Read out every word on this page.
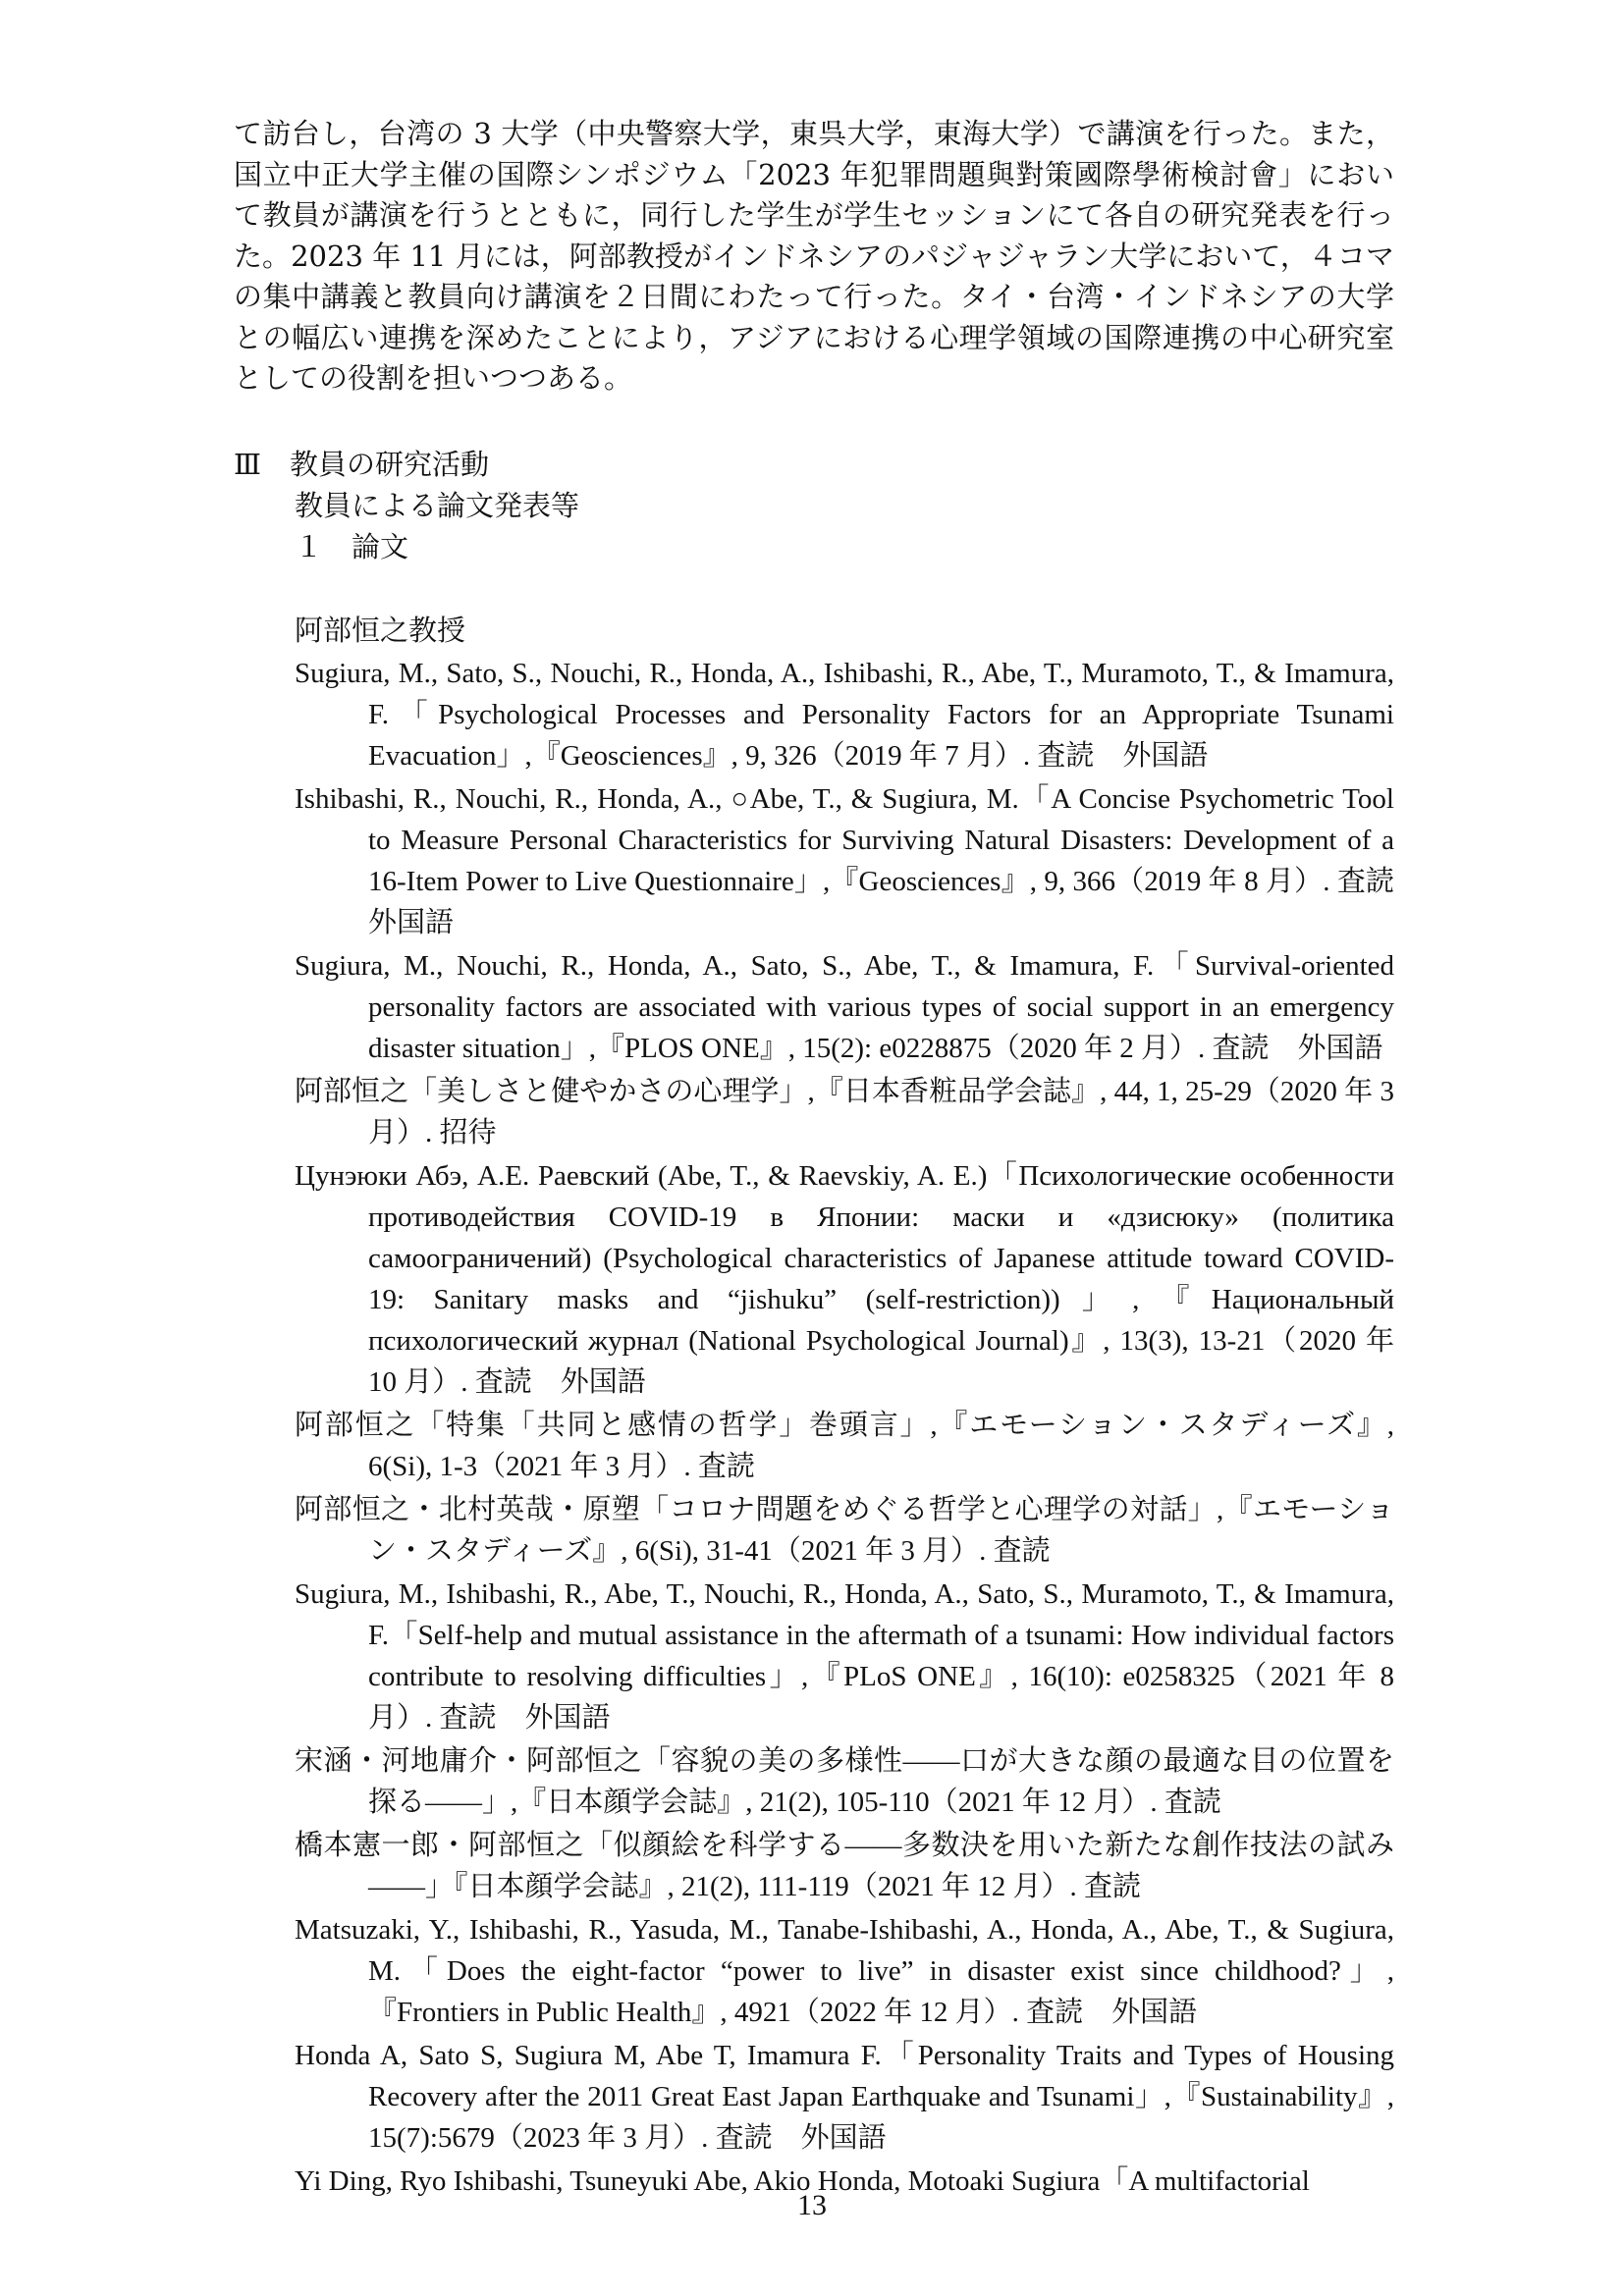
て訪台し，台湾の 3 大学（中央警察大学，東呉大学，東海大学）で講演を行った。また，国立中正大学主催の国際シンポジウム「2023 年犯罪問題與對策國際學術検討會」において教員が講演を行うとともに，同行した学生が学生セッションにて各自の研究発表を行った。2023 年 11 月には，阿部教授がインドネシアのパジャジャラン大学において，４コマの集中講義と教員向け講演を２日間にわたって行った。タイ・台湾・インドネシアの大学との幅広い連携を深めたことにより，アジアにおける心理学領域の国際連携の中心研究室としての役割を担いつつある。

Ⅲ　教員の研究活動
教員による論文発表等
１　論文
阿部恒之教授

Sugiura, M., Sato, S., Nouchi, R., Honda, A., Ishibashi, R., Abe, T., Muramoto, T., & Imamura, F.「Psychological Processes and Personality Factors for an Appropriate Tsunami Evacuation」,『Geosciences』, 9, 326（2019 年 7 月）. 査読　外国語

Ishibashi, R., Nouchi, R., Honda, A., ○Abe, T., & Sugiura, M.「A Concise Psychometric Tool to Measure Personal Characteristics for Surviving Natural Disasters: Development of a 16-Item Power to Live Questionnaire」,『Geosciences』, 9, 366（2019 年 8 月）. 査読　外国語

Sugiura, M., Nouchi, R., Honda, A., Sato, S., Abe, T., & Imamura, F.「Survival-oriented personality factors are associated with various types of social support in an emergency disaster situation」,『PLOS ONE』, 15(2): e0228875（2020 年 2 月）. 査読　外国語

阿部恒之「美しさと健やかさの心理学」,『日本香粧品学会誌』, 44, 1, 25-29（2020 年 3 月）. 招待

Цунэюки Абэ, А.Е. Раевский (Abe, T., & Raevskiy, A. E.)「Психологические особенности противодействия COVID-19 в Японии: маски и «дзисюку» (политика самоограничений) (Psychological characteristics of Japanese attitude toward COVID-19: Sanitary masks and “jishuku” (self-restriction))」,『Национальный психологический журнал (National Psychological Journal)』, 13(3), 13-21（2020 年 10 月）. 査読　外国語

阿部恒之「特集「共同と感情の哲学」巻頭言」,『エモーション・スタディーズ』, 6(Si), 1-3（2021 年 3 月）. 査読

阿部恒之・北村英哉・原塑「コロナ問題をめぐる哲学と心理学の対話」,『エモーション・スタディーズ』, 6(Si), 31-41（2021 年 3 月）. 査読

Sugiura, M., Ishibashi, R., Abe, T., Nouchi, R., Honda, A., Sato, S., Muramoto, T., & Imamura, F.「Self-help and mutual assistance in the aftermath of a tsunami: How individual factors contribute to resolving difficulties」,『PLoS ONE』, 16(10): e0258325（2021 年 8 月）. 査読　外国語

宋涵・河地庸介・阿部恒之「容貌の美の多様性――口が大きな顔の最適な目の位置を探る――」,『日本顔学会誌』, 21(2), 105-110（2021 年 12 月）. 査読

橋本憲一郎・阿部恒之「似顔絵を科学する――多数決を用いた新たな創作技法の試み――」『日本顔学会誌』, 21(2), 111-119（2021 年 12 月）. 査読

Matsuzaki, Y., Ishibashi, R., Yasuda, M., Tanabe-Ishibashi, A., Honda, A., Abe, T., & Sugiura, M.「Does the eight-factor “power to live” in disaster exist since childhood?」,『Frontiers in Public Health』, 4921（2022 年 12 月）. 査読　外国語

Honda A, Sato S, Sugiura M, Abe T, Imamura F.「Personality Traits and Types of Housing Recovery after the 2011 Great East Japan Earthquake and Tsunami」,『Sustainability』, 15(7):5679（2023 年 3 月）. 査読　外国語

Yi Ding, Ryo Ishibashi, Tsuneyuki Abe, Akio Honda, Motoaki Sugiura「A multifactorial

13
